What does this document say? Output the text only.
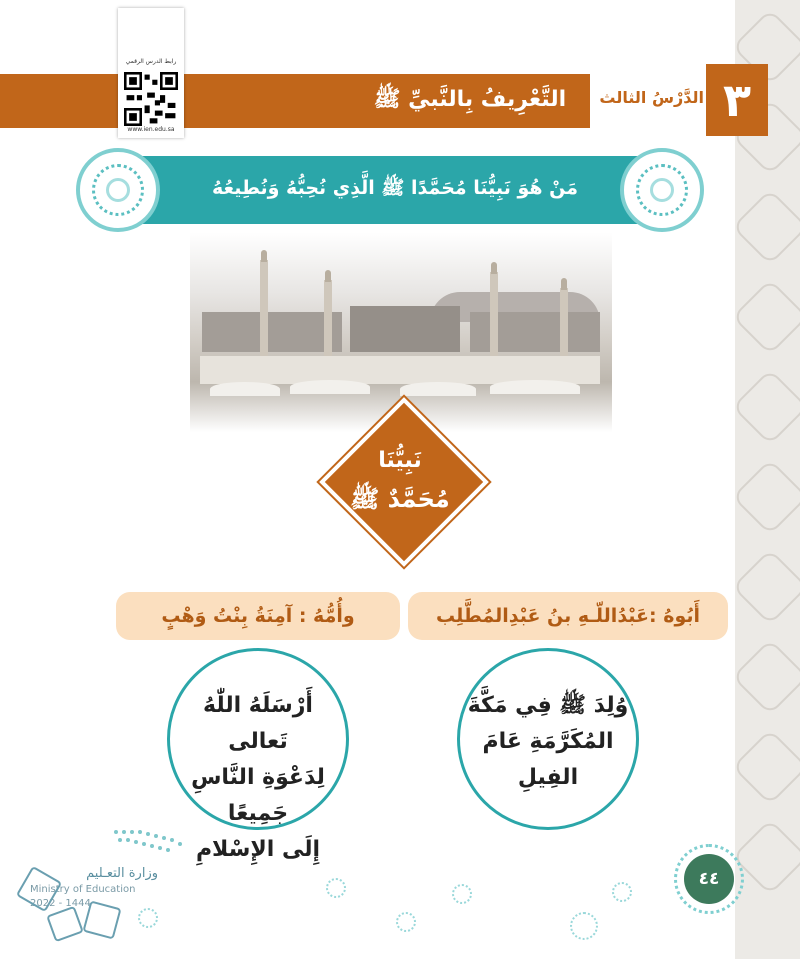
التَّعْرِيفُ بِالنَّبيِّ ﷺ	الدَّرْسُ الثالث ٣
رابط الدرس الرقمي
www.ien.edu.sa
مَنْ هُوَ نَبِيُّنَا مُحَمَّدًا ﷺ الَّذِي نُحِبُّهُ وَنُطِيعُهُ
نَبِيُّنَا
مُحَمَّدٌ ﷺ
أَبُوهُ :عَبْدُاللّـهِ بنُ عَبْدِالمُطَّلِب
وأُمُّهُ : آمِنَةُ بِنْتُ وَهْبٍ
وُلِدَ ﷺ فِي مَكَّةَ
المُكَرَّمَةِ عَامَ
الفِيلِ
أَرْسَلَهُ اللّٰهُ تَعالى
لِدَعْوَةِ النَّاسِ جَمِيعًا
إِلَى الإِسْلامِ
وزارة التعـليم
Ministry of Education
2022 - 1444
٤٤
